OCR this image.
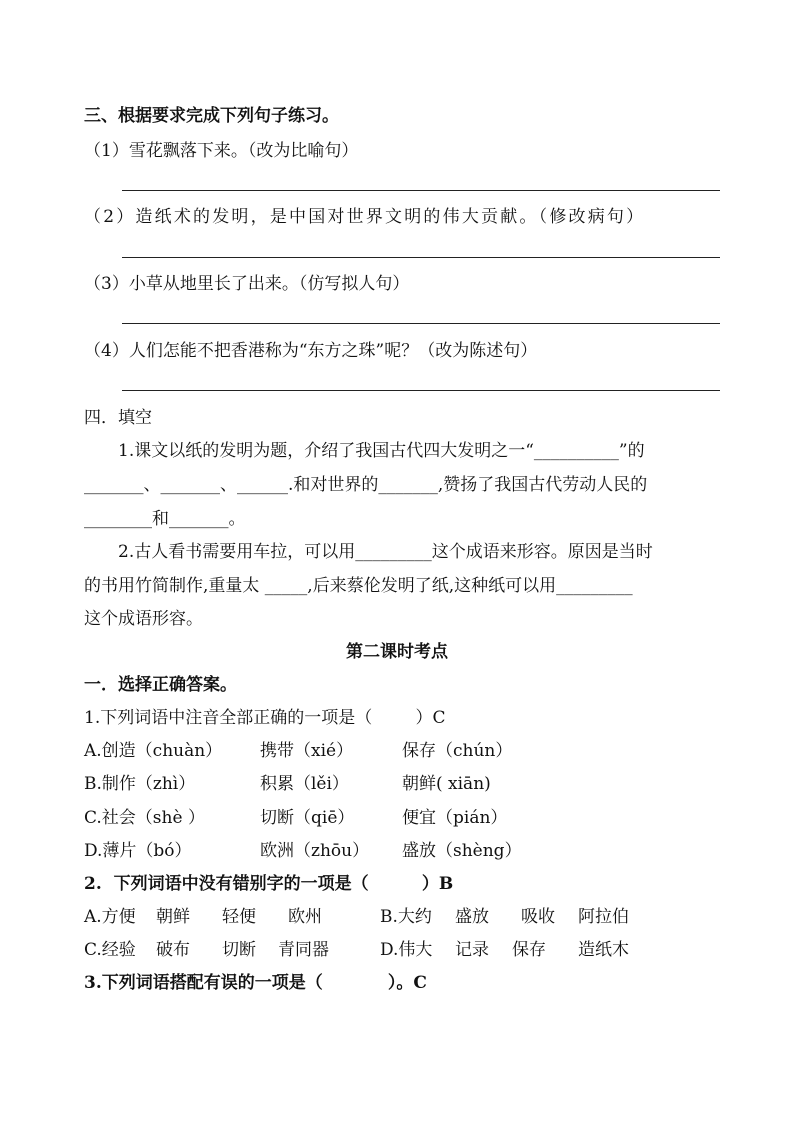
三、根据要求完成下列句子练习。
（1）雪花飘落下来。（改为比喻句）
（2）造纸术的发明，是中国对世界文明的伟大贡献。（修改病句）
（3）小草从地里长了出来。（仿写拟人句）
（4）人们怎能不把香港称为“东方之珠”呢？（改为陈述句）
四．填空
1.课文以纸的发明为题，介绍了我国古代四大发明之一“__________”的
_______、_______、______.和对世界的_______,赞扬了我国古代劳动人民的
________和_______。
2.古人看书需要用车拉，可以用_________这个成语来形容。原因是当时
的书用竹简制作,重量太 _____,后来蔡伦发明了纸,这种纸可以用_________
这个成语形容。
第二课时考点
一．选择正确答案。
1.下列词语中注音全部正确的一项是（        ）C
A.创造（chuàn） 携带（xié）	保存（chún）
B.制作（zhì）	积累（lěi）	朝鲜( xiān)
C.社会（shè ）	切断（qiē）	便宜（pián）
D.薄片（bó）	欧洲（zhōu） 盛放（shèng）
2.  下列词语中没有错别字的一项是（         ）B
A.方便 朝鲜 轻便 欧州	B.大约 盛放 吸收 阿拉伯
C.经验 破布 切断 青同器	D.伟大 记录 保存 造纸木
3.下列词语搭配有误的一项是（           ）。C
